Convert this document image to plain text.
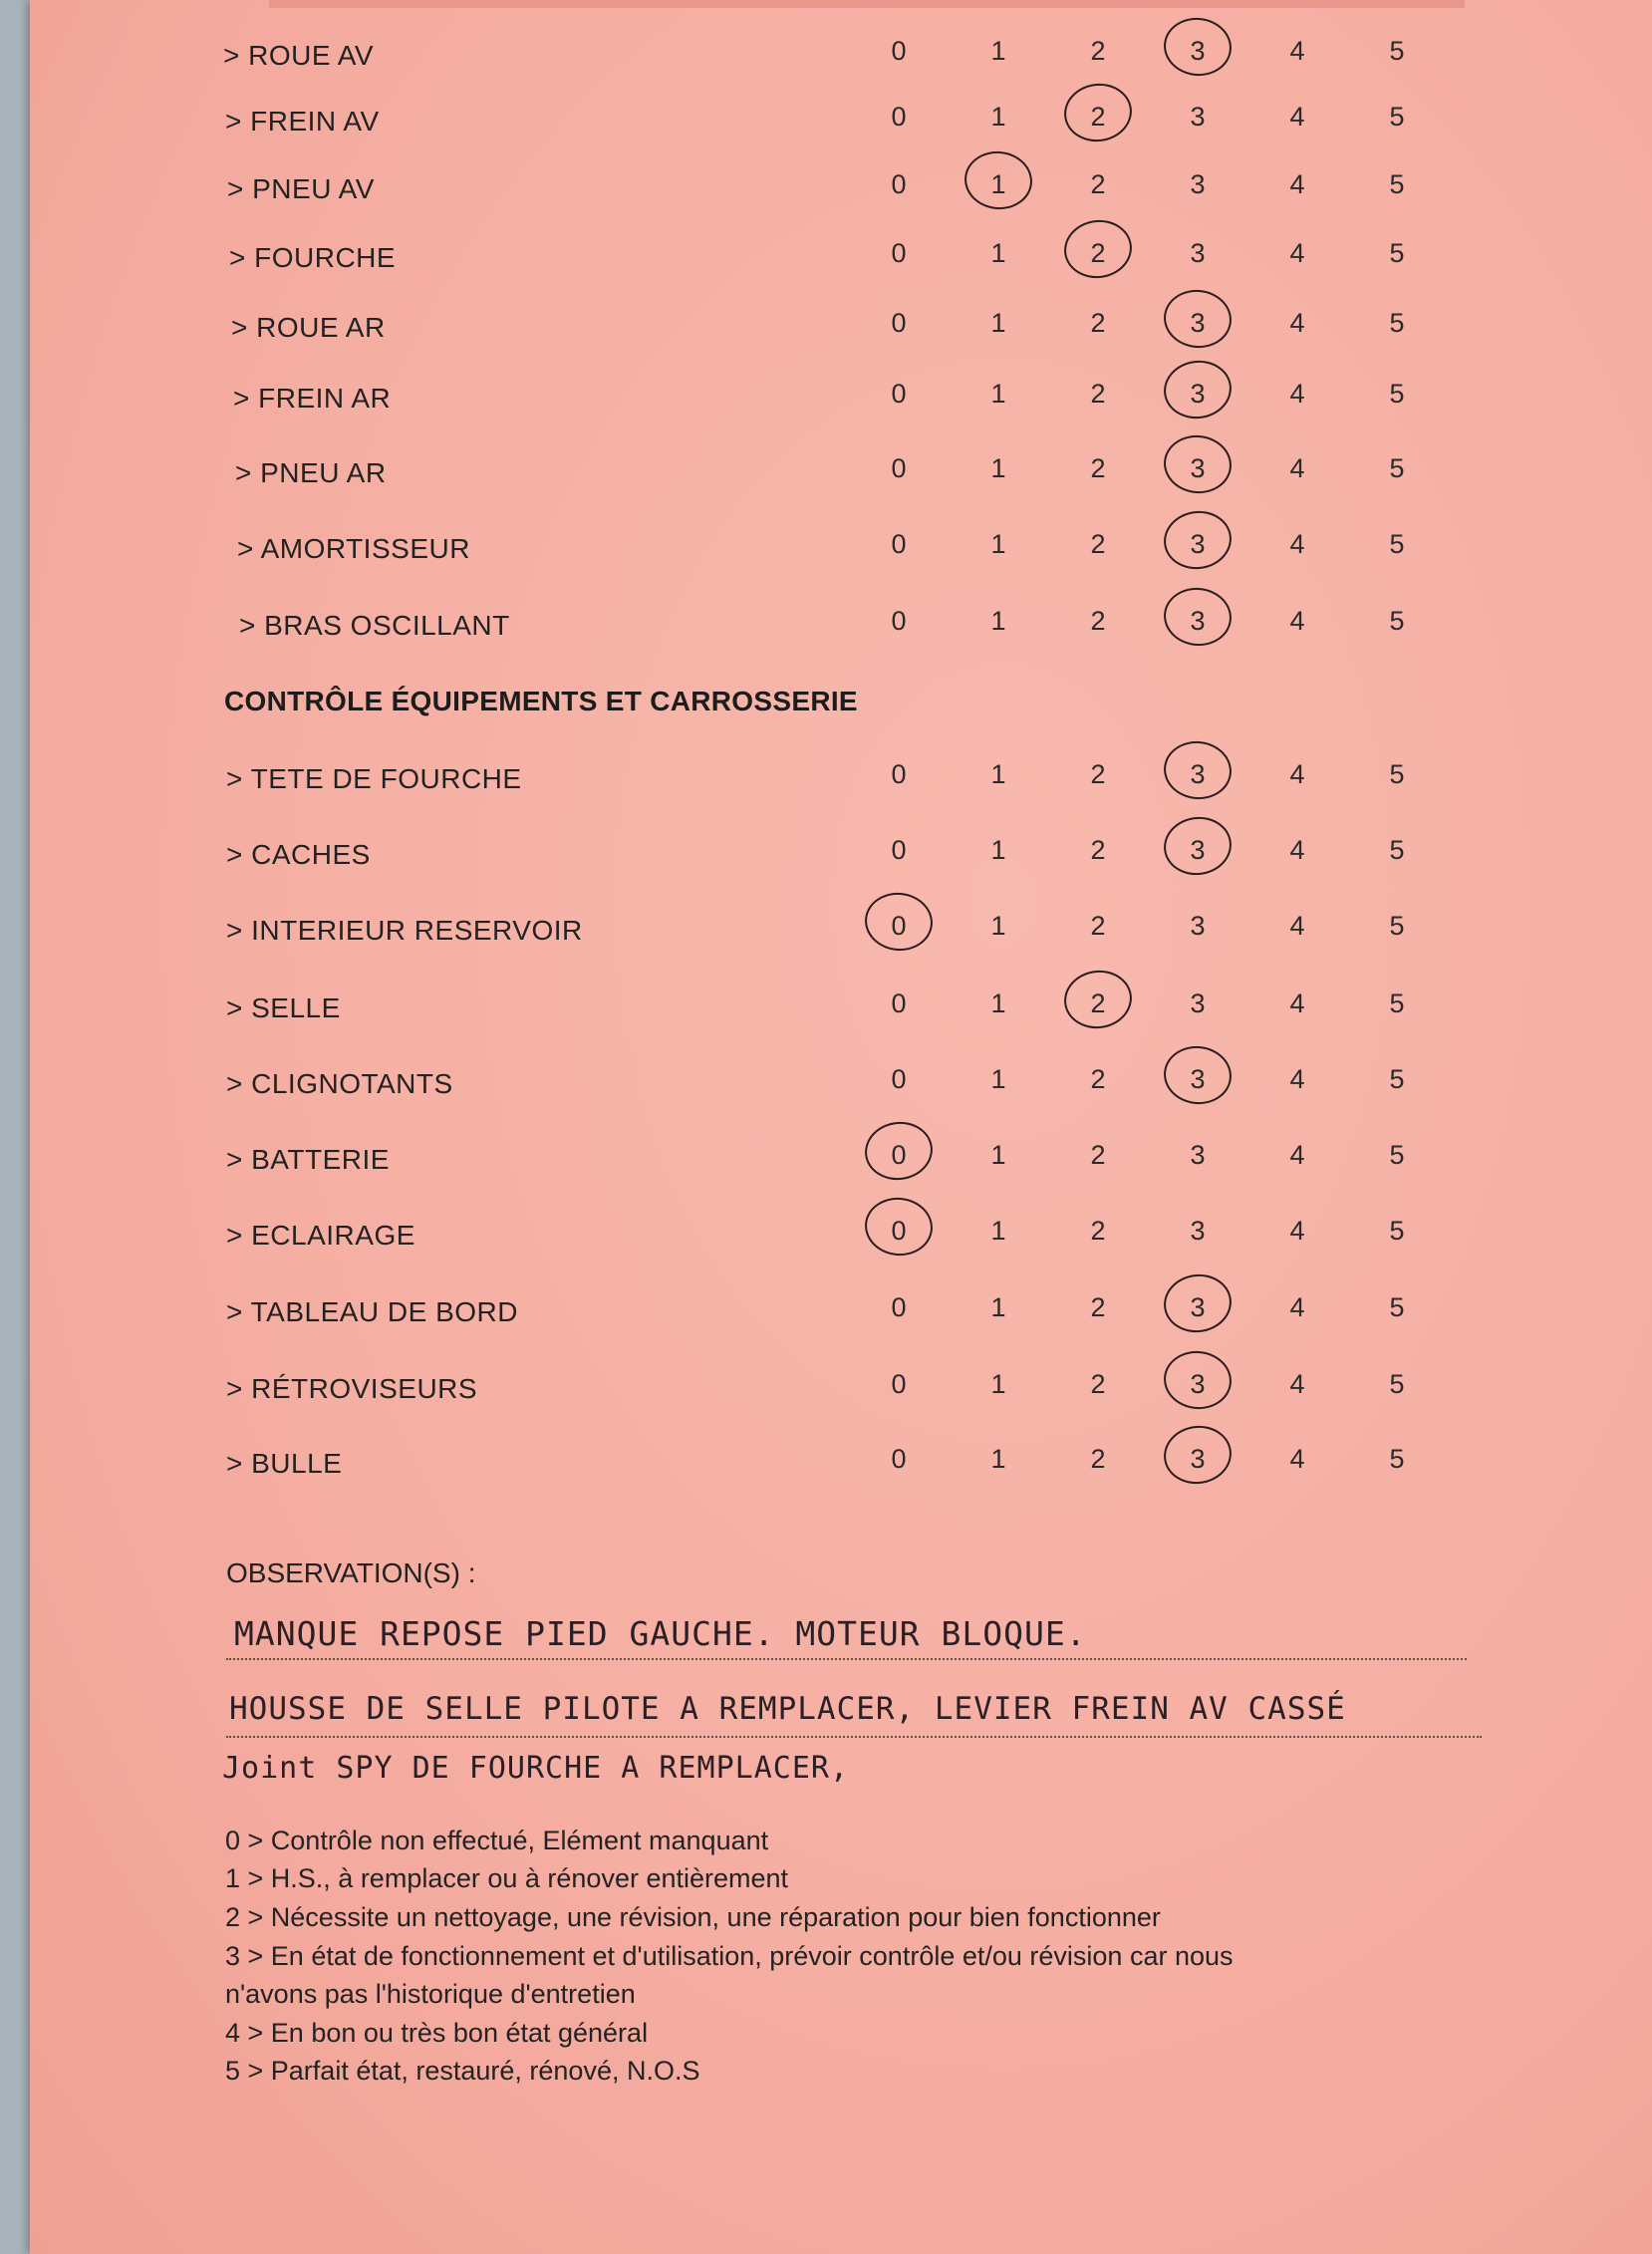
> ROUE AV	0	1	2	3	4	5
> FREIN AV	0	1	2	3	4	5
> PNEU AV	0	1	2	3	4	5
> FOURCHE	0	1	2	3	4	5
> ROUE AR	0	1	2	3	4	5
> FREIN AR	0	1	2	3	4	5
> PNEU AR	0	1	2	3	4	5
> AMORTISSEUR	0	1	2	3	4	5
> BRAS OSCILLANT	0	1	2	3	4	5
> TETE DE FOURCHE	0	1	2	3	4	5
> CACHES	0	1	2	3	4	5
> INTERIEUR RESERVOIR	0	1	2	3	4	5
> SELLE	0	1	2	3	4	5
> CLIGNOTANTS	0	1	2	3	4	5
> BATTERIE	0	1	2	3	4	5
> ECLAIRAGE	0	1	2	3	4	5
> TABLEAU DE BORD	0	1	2	3	4	5
> RÉTROVISEURS	0	1	2	3	4	5
> BULLE	0	1	2	3	4	5
CONTRÔLE ÉQUIPEMENTS ET CARROSSERIE
OBSERVATION(S) :
MANQUE REPOSE PIED GAUCHE. MOTEUR BLOQUE.
HOUSSE DE SELLE PILOTE A REMPLACER, LEVIER FREIN AV CASSÉ
Joint SPY DE FOURCHE A REMPLACER,
0 > Contrôle non effectué, Elément manquant
1 > H.S., à remplacer ou à rénover entièrement
2 > Nécessite un nettoyage, une révision, une réparation pour bien fonctionner
3 > En état de fonctionnement et d'utilisation, prévoir contrôle et/ou révision car nous
n'avons pas l'historique d'entretien
4 > En bon ou très bon état général
5 > Parfait état, restauré, rénové, N.O.S
